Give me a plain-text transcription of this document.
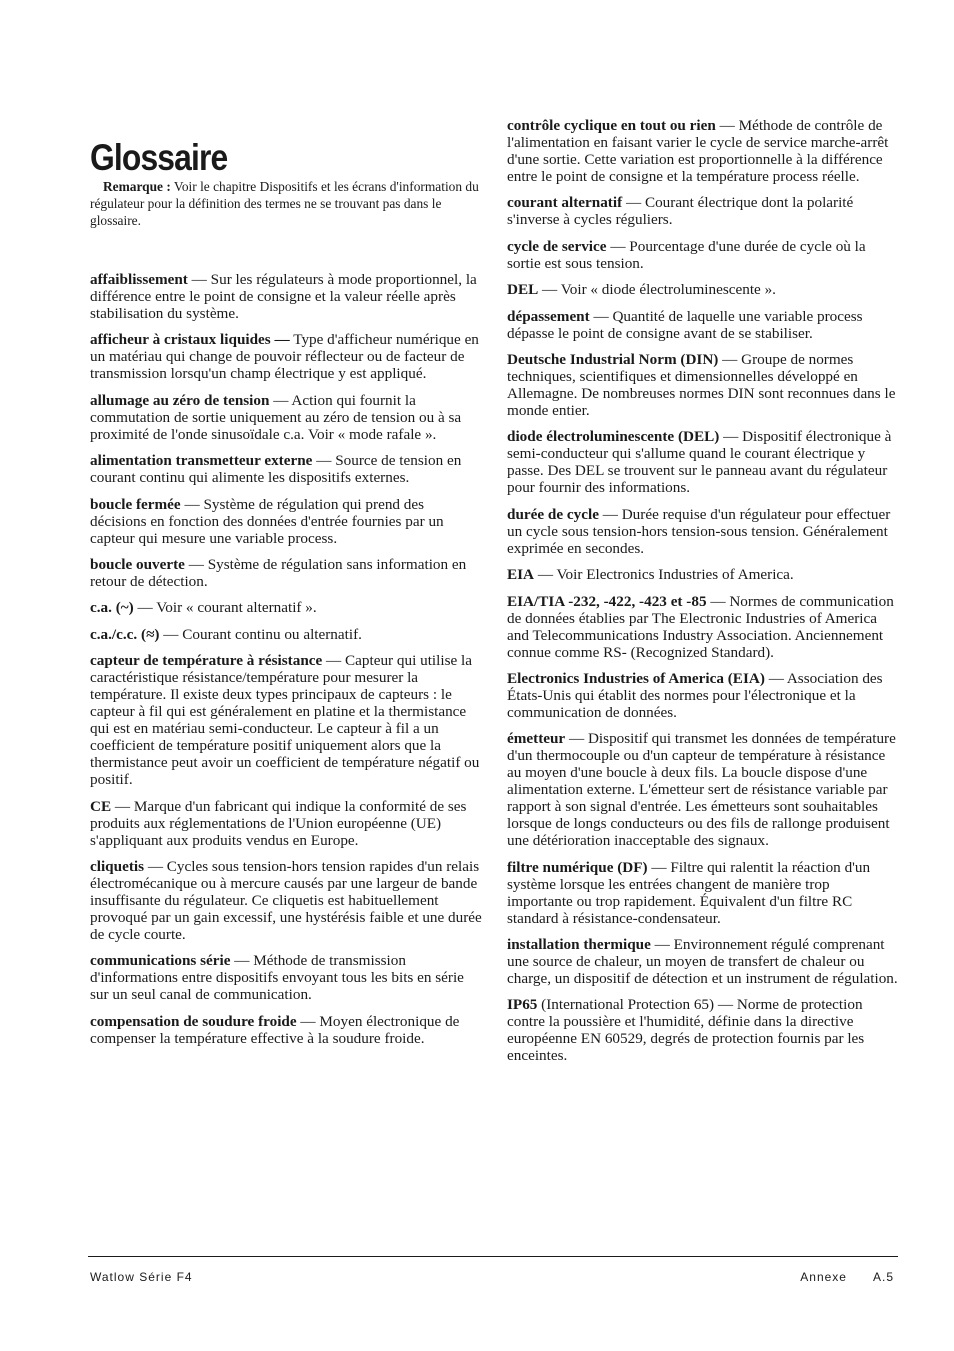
Glossaire

Remarque : Voir le chapitre Dispositifs et les écrans d'information du régulateur pour la définition des termes ne se trouvant pas dans le glossaire.

affaiblissement — Sur les régulateurs à mode proportionnel, la différence entre le point de consigne et la valeur réelle après stabilisation du système.

afficheur à cristaux liquides — Type d'afficheur numérique en un matériau qui change de pouvoir réflecteur ou de facteur de transmission lorsqu'un champ électrique y est appliqué.

allumage au zéro de tension — Action qui fournit la commutation de sortie uniquement au zéro de tension ou à sa proximité de l'onde sinusoïdale c.a. Voir « mode rafale ».

alimentation transmetteur externe — Source de tension en courant continu qui alimente les dispositifs externes.

boucle fermée — Système de régulation qui prend des décisions en fonction des données d'entrée fournies par un capteur qui mesure une variable process.

boucle ouverte — Système de régulation sans information en retour de détection.

c.a. (~) — Voir « courant alternatif ».

c.a./c.c. (≈) — Courant continu ou alternatif.

capteur de température à résistance — Capteur qui utilise la caractéristique résistance/température pour mesurer la température. Il existe deux types principaux de capteurs : le capteur à fil qui est généralement en platine et la thermistance qui est en matériau semi-conducteur. Le capteur à fil a un coefficient de température positif uniquement alors que la thermistance peut avoir un coefficient de température négatif ou positif.

CE — Marque d'un fabricant qui indique la conformité de ses produits aux réglementations de l'Union européenne (UE) s'appliquant aux produits vendus en Europe.

cliquetis — Cycles sous tension-hors tension rapides d'un relais électromécanique ou à mercure causés par une largeur de bande insuffisante du régulateur. Ce cliquetis est habituellement provoqué par un gain excessif, une hystérésis faible et une durée de cycle courte.

communications série — Méthode de transmission d'informations entre dispositifs envoyant tous les bits en série sur un seul canal de communication.

compensation de soudure froide — Moyen électronique de compenser la température effective à la soudure froide.

contrôle cyclique en tout ou rien — Méthode de contrôle de l'alimentation en faisant varier le cycle de service marche-arrêt d'une sortie. Cette variation est proportionnelle à la différence entre le point de consigne et la température process réelle.

courant alternatif — Courant électrique dont la polarité s'inverse à cycles réguliers.

cycle de service — Pourcentage d'une durée de cycle où la sortie est sous tension.

DEL — Voir « diode électroluminescente ».

dépassement — Quantité de laquelle une variable process dépasse le point de consigne avant de se stabiliser.

Deutsche Industrial Norm (DIN) — Groupe de normes techniques, scientifiques et dimensionnelles développé en Allemagne. De nombreuses normes DIN sont reconnues dans le monde entier.

diode électroluminescente (DEL) — Dispositif électronique à semi-conducteur qui s'allume quand le courant électrique y passe. Des DEL se trouvent sur le panneau avant du régulateur pour fournir des informations.

durée de cycle — Durée requise d'un régulateur pour effectuer un cycle sous tension-hors tension-sous tension. Généralement exprimée en secondes.

EIA — Voir Electronics Industries of America.

EIA/TIA -232, -422, -423 et -85 — Normes de communication de données établies par The Electronic Industries of America and Telecommunications Industry Association. Anciennement connue comme RS- (Recognized Standard).

Electronics Industries of America (EIA) — Association des États-Unis qui établit des normes pour l'électronique et la communication de données.

émetteur — Dispositif qui transmet les données de température d'un thermocouple ou d'un capteur de température à résistance au moyen d'une boucle à deux fils. La boucle dispose d'une alimentation externe. L'émetteur sert de résistance variable par rapport à son signal d'entrée. Les émetteurs sont souhaitables lorsque de longs conducteurs ou des fils de rallonge produisent une détérioration inacceptable des signaux.

filtre numérique (DF) — Filtre qui ralentit la réaction d'un système lorsque les entrées changent de manière trop importante ou trop rapidement. Équivalent d'un filtre RC standard à résistance-condensateur.

installation thermique — Environnement régulé comprenant une source de chaleur, un moyen de transfert de chaleur ou charge, un dispositif de détection et un instrument de régulation.

IP65 (International Protection 65) — Norme de protection contre la poussière et l'humidité, définie dans la directive européenne EN 60529, degrés de protection fournis par les enceintes.

Watlow Série F4	Annexe A.5
